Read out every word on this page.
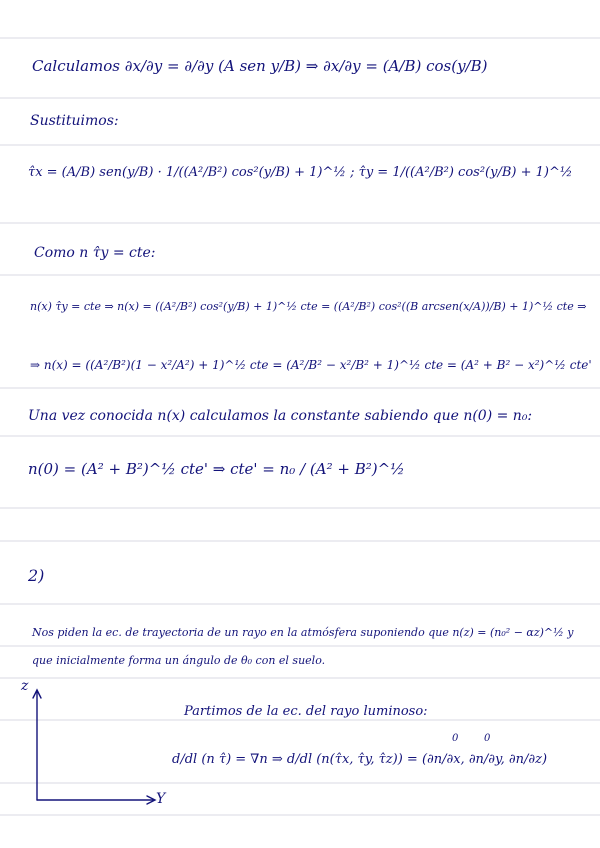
Calculamos ∂x/∂y = ∂/∂y (A sen y/B) ⇒ ∂x/∂y = (A/B) cos(y/B)
Sustituimos:
τ̂x = (A/B) sen(y/B) · 1/((A²/B²) cos²(y/B) + 1)^½ ; τ̂y = 1/((A²/B²) cos²(y/B) + 1)^½
Como n τ̂y = cte:
n(x) τ̂y = cte ⇒ n(x) = ((A²/B²) cos²(y/B) + 1)^½ cte = ((A²/B²) cos²((B arcsen(x/A))/B) + 1)^½ cte ⇒
⇒ n(x) = ((A²/B²)(1 − x²/A²) + 1)^½ cte = (A²/B² − x²/B² + 1)^½ cte = (A² + B² − x²)^½ cte'
Una vez conocida n(x) calculamos la constante sabiendo que n(0) = n₀:
n(0) = (A² + B²)^½ cte' ⇒ cte' = n₀ / (A² + B²)^½
2)
Nos piden la ec. de trayectoria de un rayo en la atmósfera suponiendo que n(z) = (n₀² − αz)^½ y
que inicialmente forma un ángulo de θ₀ con el suelo.
Partimos de la ec. del rayo luminoso:
d/dl (n τ̂) = ∇n ⇒ d/dl (n(τ̂x, τ̂y, τ̂z)) = (∂n/∂x, ∂n/∂y, ∂n/∂z)
0	0
z
Y
